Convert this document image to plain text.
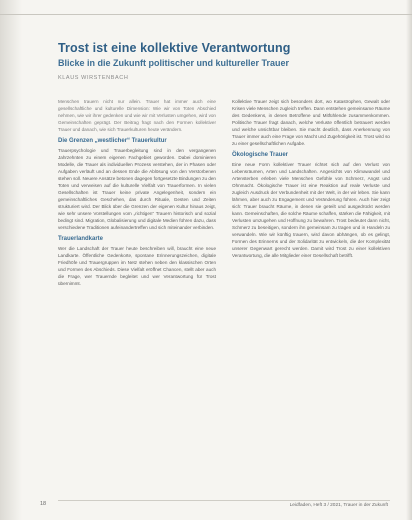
Trost ist eine kollektive Verantwortung
Blicke in die Zukunft politischer und kultureller Trauer
KLAUS WIRSTENBACH

Menschen trauern nicht nur allein. Trauer hat immer auch eine gesellschaftliche und kulturelle Dimension: Wie wir von Toten Abschied nehmen, wie wir ihrer gedenken und wie wir mit Verlusten umgehen, wird von Gemeinschaften geprägt. Der Beitrag fragt nach den Formen kollektiver Trauer und danach, wie sich Trauerkulturen heute verändern.

Die Grenzen „westlicher“ Trauerkultur

Trauerpsychologie und Trauerbegleitung sind in den vergangenen Jahrzehnten zu einem eigenen Fachgebiet geworden. Dabei dominieren Modelle, die Trauer als individuellen Prozess verstehen, der in Phasen oder Aufgaben verläuft und an dessen Ende die Ablösung von den Verstorbenen stehen soll. Neuere Ansätze betonen dagegen fortgesetzte Bindungen zu den Toten und verweisen auf die kulturelle Vielfalt von Trauerformen. In vielen Gesellschaften ist Trauer keine private Angelegenheit, sondern ein gemeinschaftliches Geschehen, das durch Rituale, Gesten und Zeiten strukturiert wird. Der Blick über die Grenzen der eigenen Kultur hinaus zeigt, wie sehr unsere Vorstellungen vom „richtigen“ Trauern historisch und sozial bedingt sind. Migration, Globalisierung und digitale Medien führen dazu, dass verschiedene Traditionen aufeinandertreffen und sich miteinander verbinden.

Trauerlandkarte

Wer die Landschaft der Trauer heute beschreiben will, braucht eine neue Landkarte. Öffentliche Gedenkorte, spontane Erinnerungszeichen, digitale Friedhöfe und Trauergruppen im Netz stehen neben den klassischen Orten und Formen des Abschieds. Diese Vielfalt eröffnet Chancen, stellt aber auch die Frage, wer Trauernde begleitet und wer Verantwortung für Trost übernimmt.

Kollektive Trauer zeigt sich besonders dort, wo Katastrophen, Gewalt oder Krisen viele Menschen zugleich treffen. Dann entstehen gemeinsame Räume des Gedenkens, in denen Betroffene und Mitfühlende zusammenkommen. Politische Trauer fragt danach, welche Verluste öffentlich betrauert werden und welche unsichtbar bleiben. Sie macht deutlich, dass Anerkennung von Trauer immer auch eine Frage von Macht und Zugehörigkeit ist. Trost wird so zu einer gesellschaftlichen Aufgabe.

Ökologische Trauer

Eine neue Form kollektiver Trauer richtet sich auf den Verlust von Lebensräumen, Arten und Landschaften. Angesichts von Klimawandel und Artensterben erleben viele Menschen Gefühle von Schmerz, Angst und Ohnmacht. Ökologische Trauer ist eine Reaktion auf reale Verluste und zugleich Ausdruck der Verbundenheit mit der Welt, in der wir leben. Sie kann lähmen, aber auch zu Engagement und Veränderung führen. Auch hier zeigt sich: Trauer braucht Räume, in denen sie geteilt und ausgedrückt werden kann. Gemeinschaften, die solche Räume schaffen, stärken die Fähigkeit, mit Verlusten umzugehen und Hoffnung zu bewahren. Trost bedeutet dann nicht, Schmerz zu beseitigen, sondern ihn gemeinsam zu tragen und in Handeln zu verwandeln. Wie wir künftig trauern, wird davon abhängen, ob es gelingt, Formen des Erinnerns und der Solidarität zu entwickeln, die der Komplexität unserer Gegenwart gerecht werden. Damit wird Trost zu einer kollektiven Verantwortung, die alle Mitglieder einer Gesellschaft betrifft.

18	Leidfaden, Heft 3 / 2021, Trauer in der Zukunft
